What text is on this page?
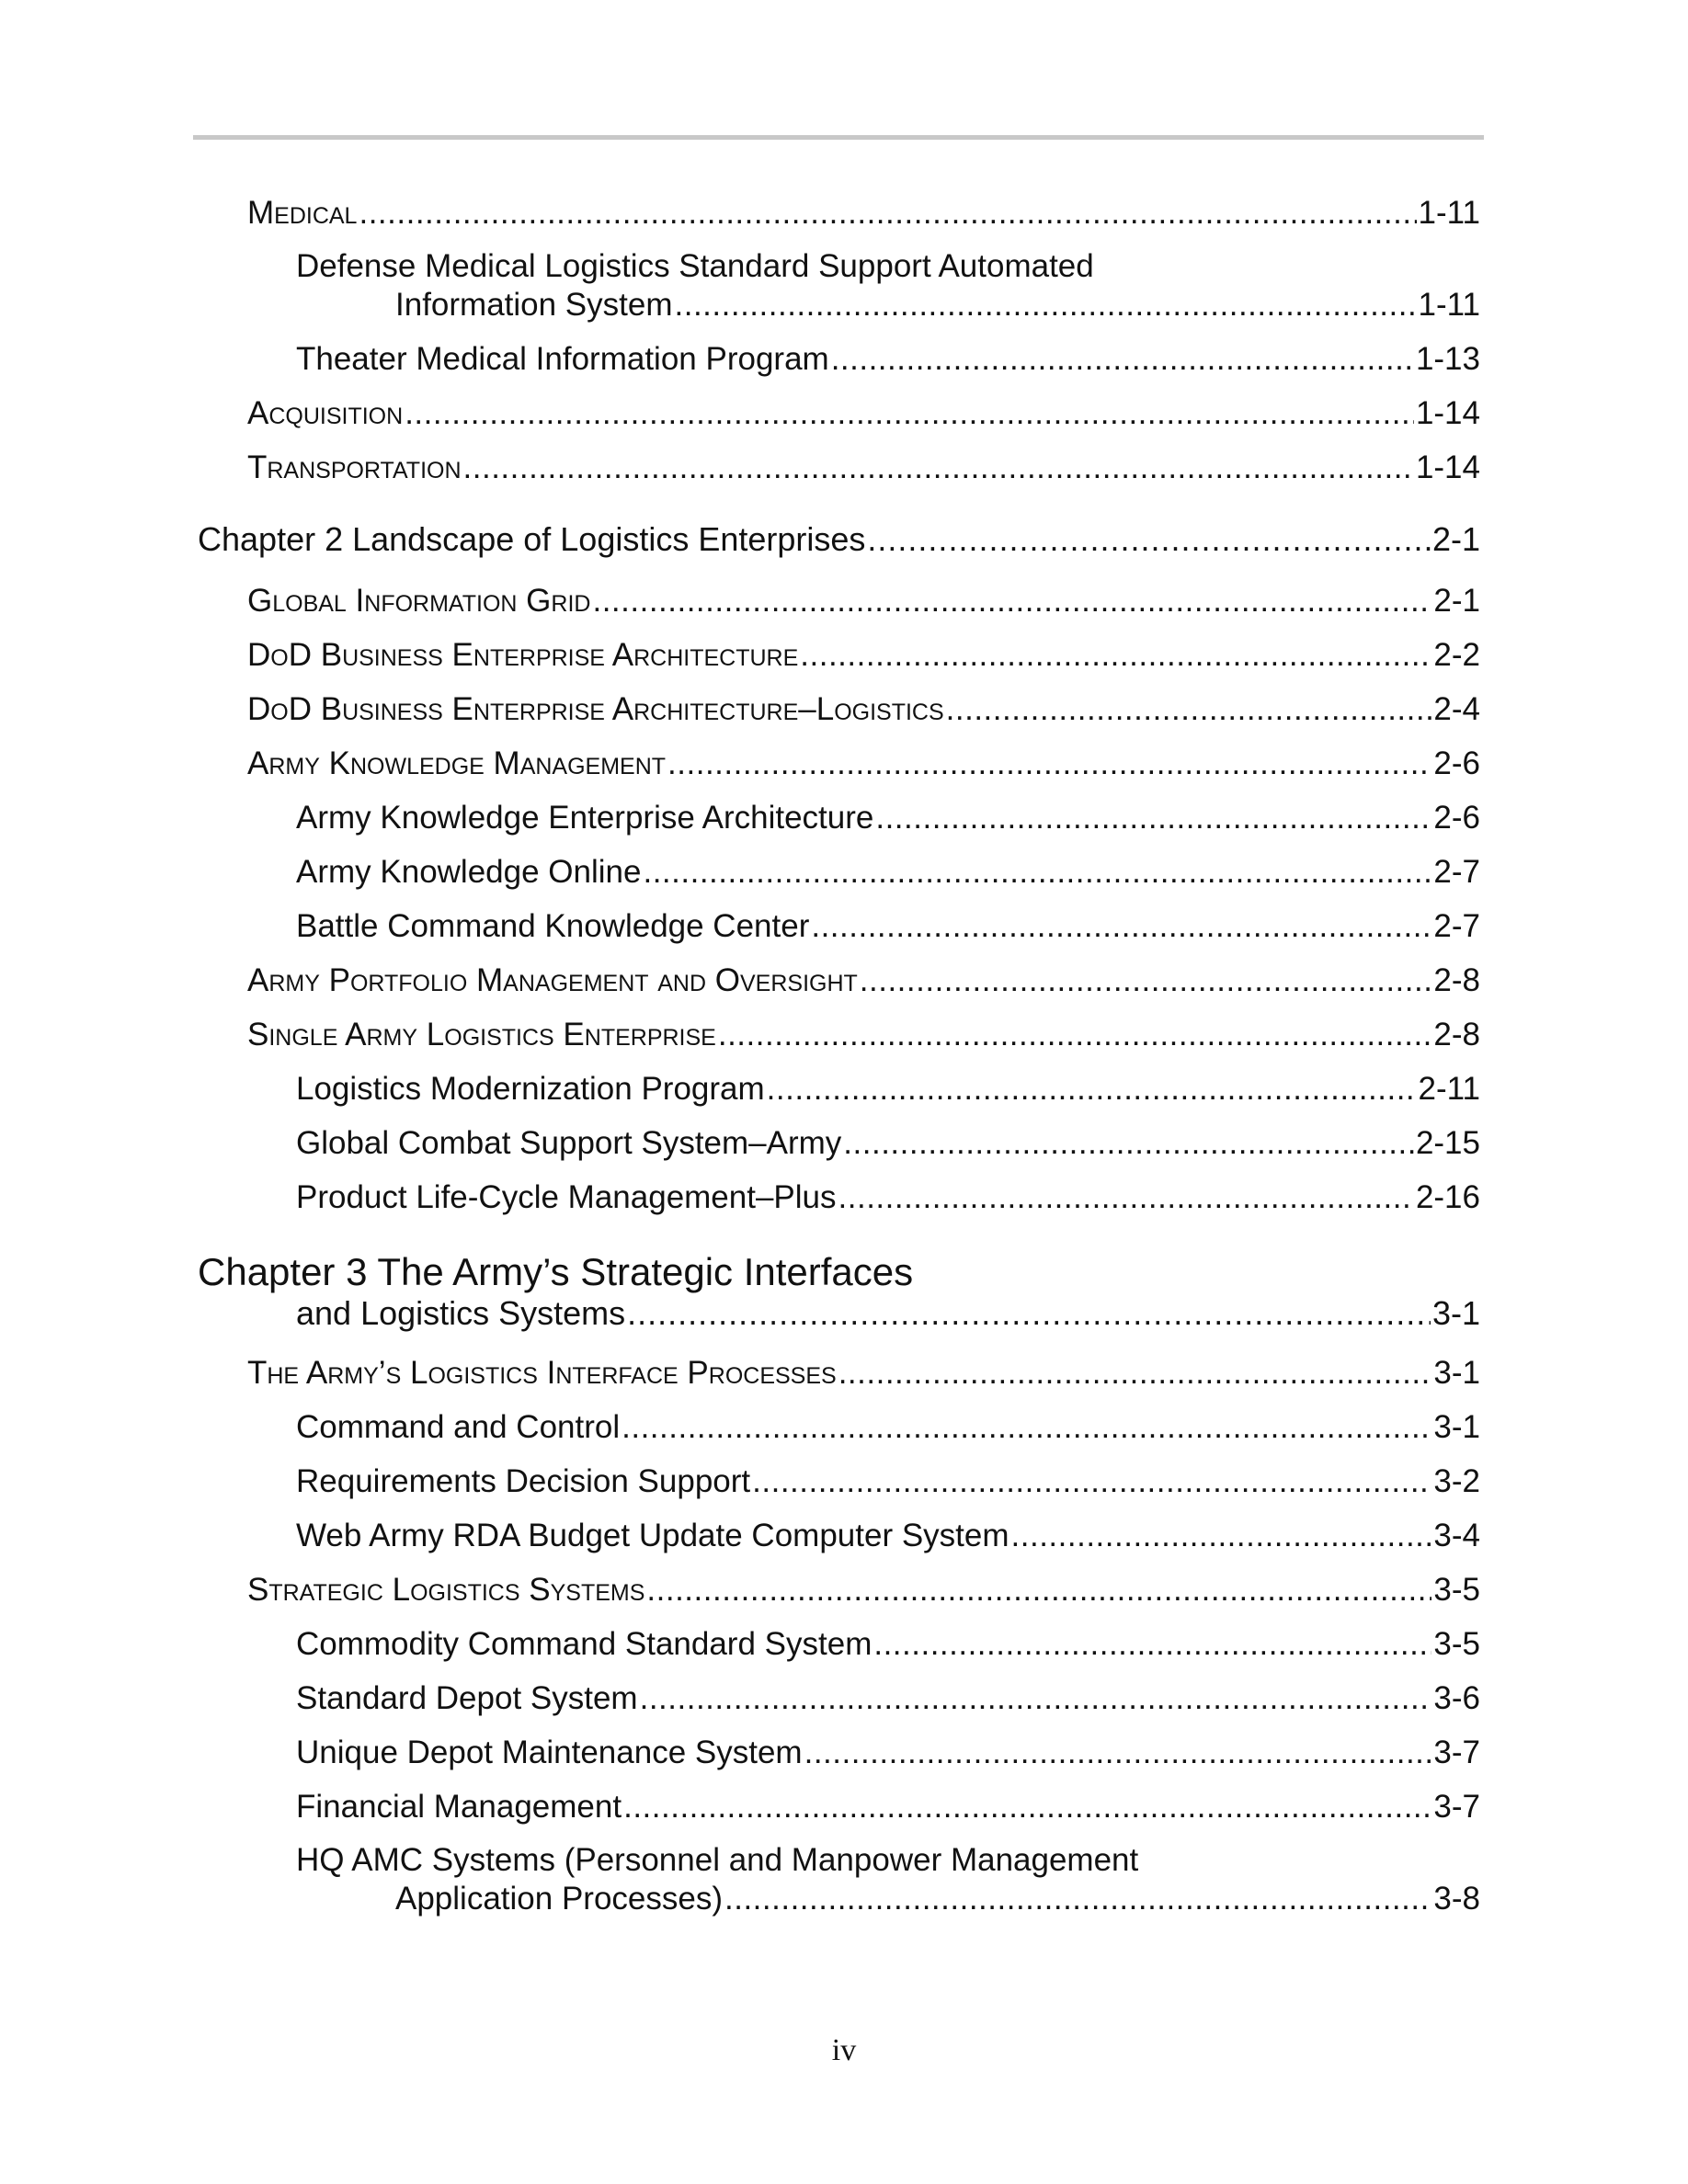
Medical .....	1-11
Defense Medical Logistics Standard Support Automated
Information System .....	1-11
Theater Medical Information Program .....	1-13
Acquisition .....	1-14
Transportation .....	1-14
Chapter 2 Landscape of Logistics Enterprises .....	2-1
Global Information Grid .....	2-1
DoD Business Enterprise Architecture .....	2-2
DoD Business Enterprise Architecture–Logistics .....	2-4
Army Knowledge Management .....	2-6
Army Knowledge Enterprise Architecture .....	2-6
Army Knowledge Online .....	2-7
Battle Command Knowledge Center .....	2-7
Army Portfolio Management and Oversight .....	2-8
Single Army Logistics Enterprise .....	2-8
Logistics Modernization Program .....	2-11
Global Combat Support System–Army .....	2-15
Product Life-Cycle Management–Plus .....	2-16
Chapter 3 The Army’s Strategic Interfaces
and Logistics Systems .....	3-1
The Army’s Logistics Interface Processes .....	3-1
Command and Control .....	3-1
Requirements Decision Support .....	3-2
Web Army RDA Budget Update Computer System .....	3-4
Strategic Logistics Systems .....	3-5
Commodity Command Standard System .....	3-5
Standard Depot System .....	3-6
Unique Depot Maintenance System .....	3-7
Financial Management .....	3-7
HQ AMC Systems (Personnel and Manpower Management
Application Processes) .....	3-8
iv
